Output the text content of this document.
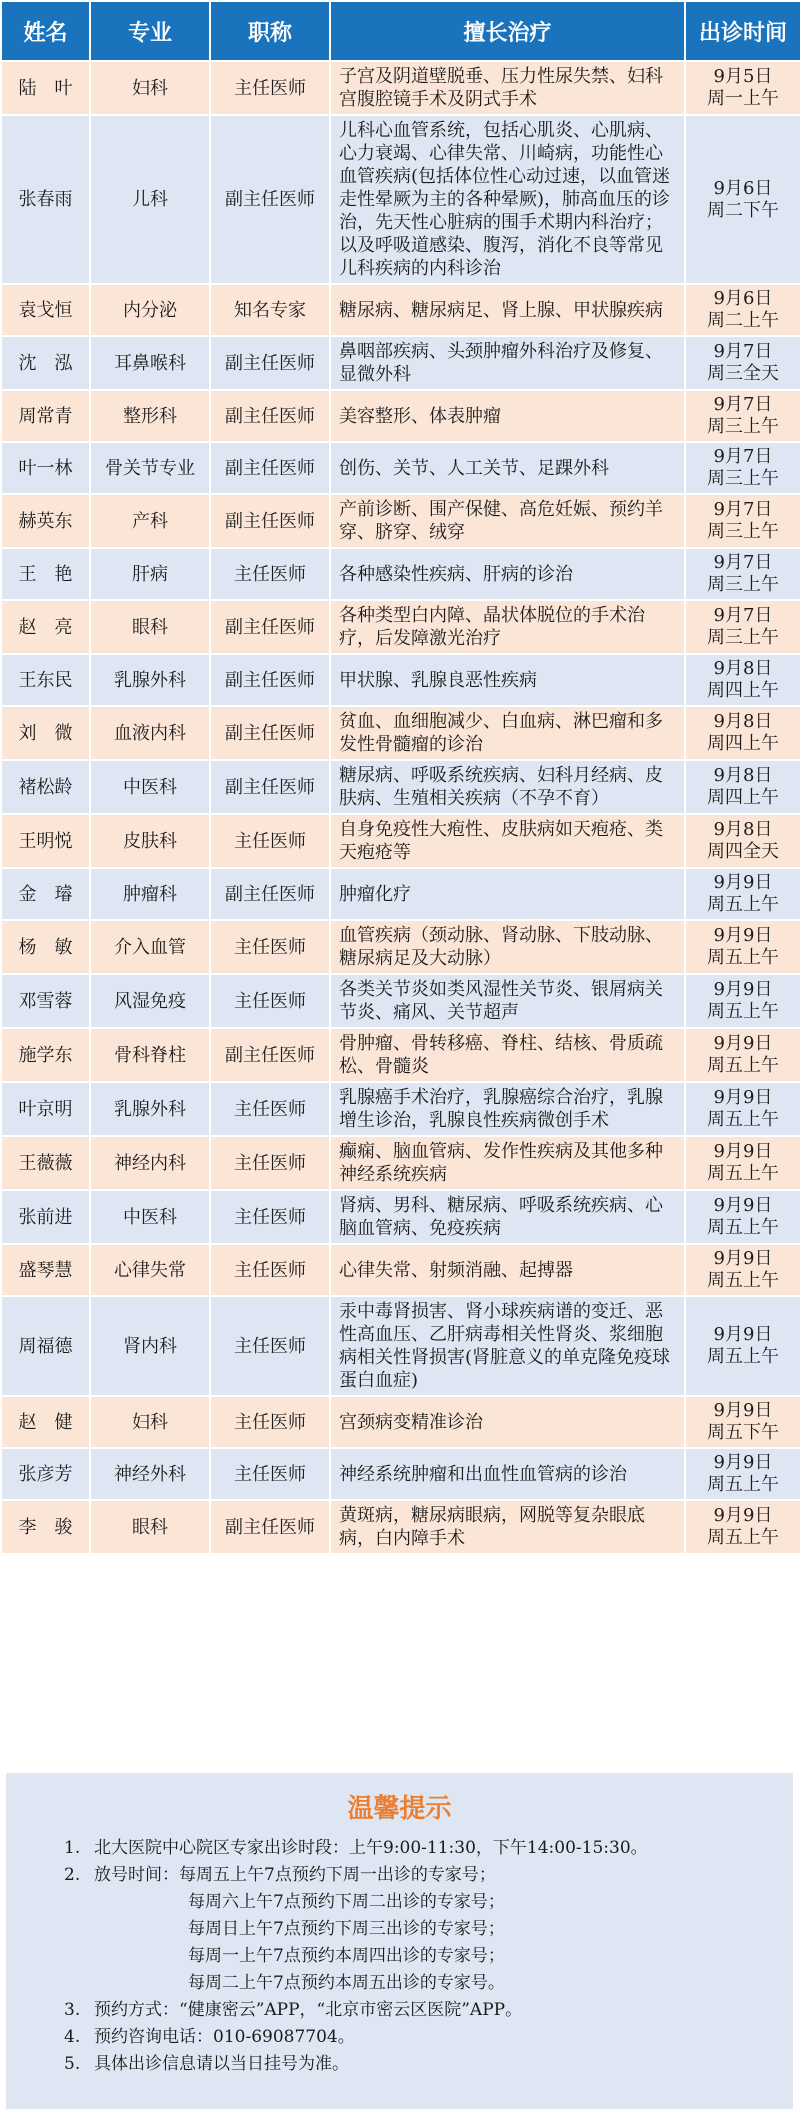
姓名	专业	职称	擅长治疗	出诊时间
陆　叶	妇科	主任医师	子宫及阴道壁脱垂、压力性尿失禁、妇科宫腹腔镜手术及阴式手术	9月5日
周一上午

张春雨	儿科	副主任医师	儿科心血管系统，包括心肌炎、心肌病、心力衰竭、心律失常、川崎病，功能性心血管疾病(包括体位性心动过速，以血管迷走性晕厥为主的各种晕厥)，肺高血压的诊治，先天性心脏病的围手术期内科治疗；以及呼吸道感染、腹泻，消化不良等常见儿科疾病的内科诊治	9月6日
周二下午

袁戈恒	内分泌	知名专家	糖尿病、糖尿病足、肾上腺、甲状腺疾病	9月6日
周二上午

沈　泓	耳鼻喉科	副主任医师	鼻咽部疾病、头颈肿瘤外科治疗及修复、显微外科	9月7日
周三全天

周常青	整形科	副主任医师	美容整形、体表肿瘤	9月7日
周三上午

叶一林	骨关节专业	副主任医师	创伤、关节、人工关节、足踝外科	9月7日
周三上午

赫英东	产科	副主任医师	产前诊断、围产保健、高危妊娠、预约羊穿、脐穿、绒穿	9月7日
周三上午

王　艳	肝病	主任医师	各种感染性疾病、肝病的诊治	9月7日
周三上午

赵　亮	眼科	副主任医师	各种类型白内障、晶状体脱位的手术治疗，后发障激光治疗	9月7日
周三上午

王东民	乳腺外科	副主任医师	甲状腺、乳腺良恶性疾病	9月8日
周四上午

刘　微	血液内科	副主任医师	贫血、血细胞减少、白血病、淋巴瘤和多发性骨髓瘤的诊治	9月8日
周四上午

褚松龄	中医科	副主任医师	糖尿病、呼吸系统疾病、妇科月经病、皮肤病、生殖相关疾病（不孕不育）	9月8日
周四上午

王明悦	皮肤科	主任医师	自身免疫性大疱性、皮肤病如天疱疮、类天疱疮等	9月8日
周四全天

金　璿	肿瘤科	副主任医师	肿瘤化疗	9月9日
周五上午

杨　敏	介入血管	主任医师	血管疾病（颈动脉、肾动脉、下肢动脉、糖尿病足及大动脉）	9月9日
周五上午

邓雪蓉	风湿免疫	主任医师	各类关节炎如类风湿性关节炎、银屑病关节炎、痛风、关节超声	9月9日
周五上午

施学东	骨科脊柱	副主任医师	骨肿瘤、骨转移癌、脊柱、结核、骨质疏松、骨髓炎	9月9日
周五上午

叶京明	乳腺外科	主任医师	乳腺癌手术治疗，乳腺癌综合治疗，乳腺增生诊治，乳腺良性疾病微创手术	9月9日
周五上午

王薇薇	神经内科	主任医师	癫痫、脑血管病、发作性疾病及其他多种神经系统疾病	9月9日
周五上午

张前进	中医科	主任医师	肾病、男科、糖尿病、呼吸系统疾病、心脑血管病、免疫疾病	9月9日
周五上午

盛琴慧	心律失常	主任医师	心律失常、射频消融、起搏器	9月9日
周五上午

周福德	肾内科	主任医师	汞中毒肾损害、肾小球疾病谱的变迁、恶性高血压、乙肝病毒相关性肾炎、浆细胞病相关性肾损害(肾脏意义的单克隆免疫球蛋白血症)	9月9日
周五上午

赵　健	妇科	主任医师	宫颈病变精准诊治	9月9日
周五下午

张彦芳	神经外科	主任医师	神经系统肿瘤和出血性血管病的诊治	9月9日
周五上午

李　骏	眼科	副主任医师	黄斑病，糖尿病眼病，网脱等复杂眼底病，白内障手术	9月9日
周五上午
温馨提示
1. 北大医院中心院区专家出诊时段：上午9:00-11:30，下午14:00-15:30。
2. 放号时间：每周五上午7点预约下周一出诊的专家号；
每周六上午7点预约下周二出诊的专家号；
每周日上午7点预约下周三出诊的专家号；
每周一上午7点预约本周四出诊的专家号；
每周二上午7点预约本周五出诊的专家号。
3. 预约方式：“健康密云”APP，“北京市密云区医院”APP。
4. 预约咨询电话：010-69087704。
5. 具体出诊信息请以当日挂号为准。
